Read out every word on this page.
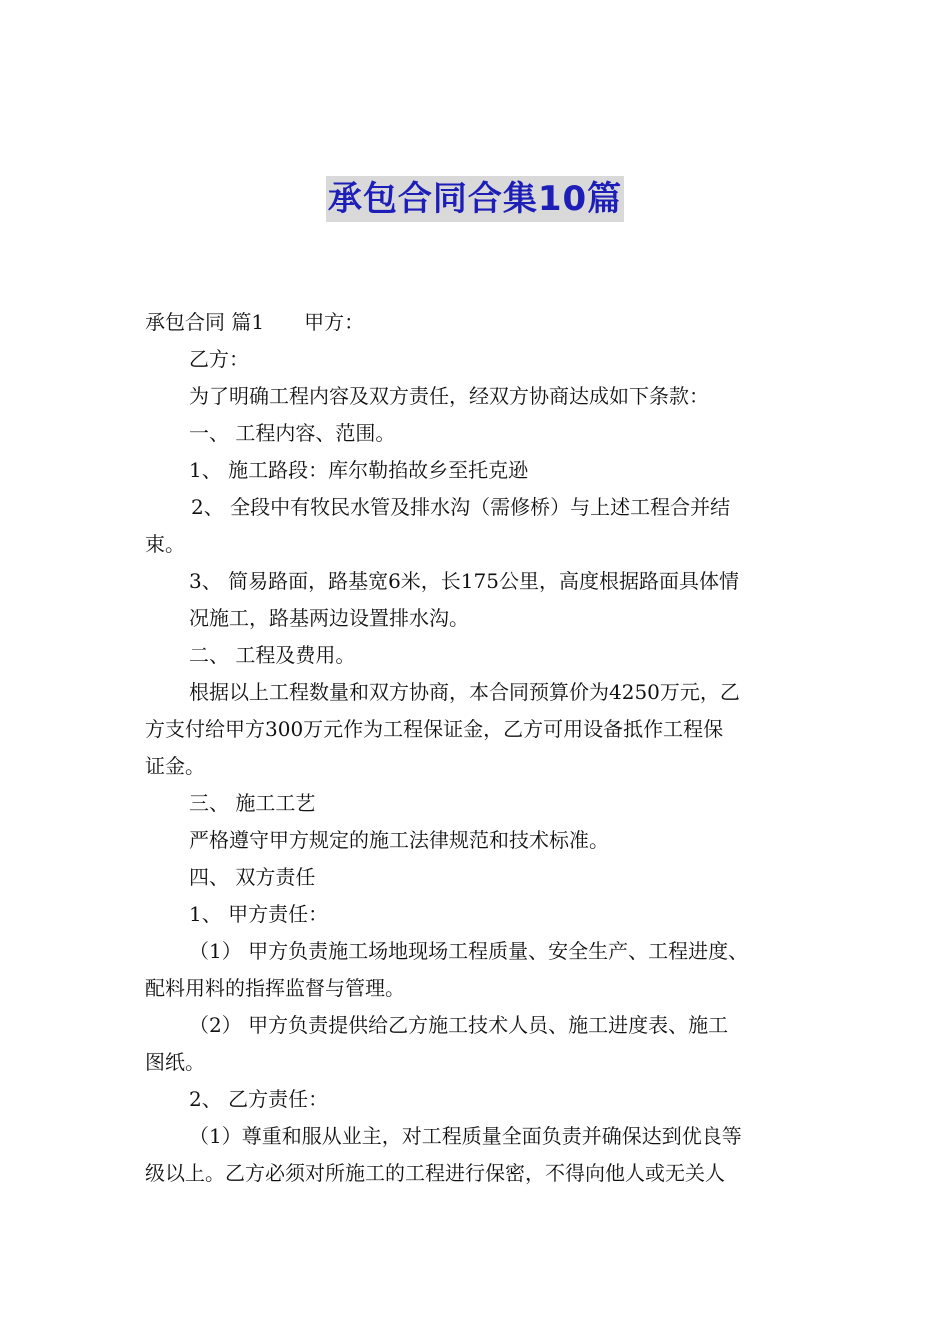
承包合同合集10篇

承包合同 篇1 甲方：

乙方：

为了明确工程内容及双方责任，经双方协商达成如下条款：

一、 工程内容、范围。

1、 施工路段：库尔勒掐故乡至托克逊

2、 全段中有牧民水管及排水沟（需修桥）与上述工程合并结

束。

3、 简易路面，路基宽6米，长175公里，高度根据路面具体情

况施工，路基两边设置排水沟。

二、 工程及费用。

根据以上工程数量和双方协商，本合同预算价为4250万元，乙

方支付给甲方300万元作为工程保证金，乙方可用设备抵作工程保

证金。

三、 施工工艺

严格遵守甲方规定的施工法律规范和技术标准。

四、 双方责任

1、 甲方责任：

（1） 甲方负责施工场地现场工程质量、安全生产、工程进度、

配料用料的指挥监督与管理。

（2） 甲方负责提供给乙方施工技术人员、施工进度表、施工

图纸。

2、 乙方责任：

（1）尊重和服从业主，对工程质量全面负责并确保达到优良等

级以上。乙方必须对所施工的工程进行保密，不得向他人或无关人
